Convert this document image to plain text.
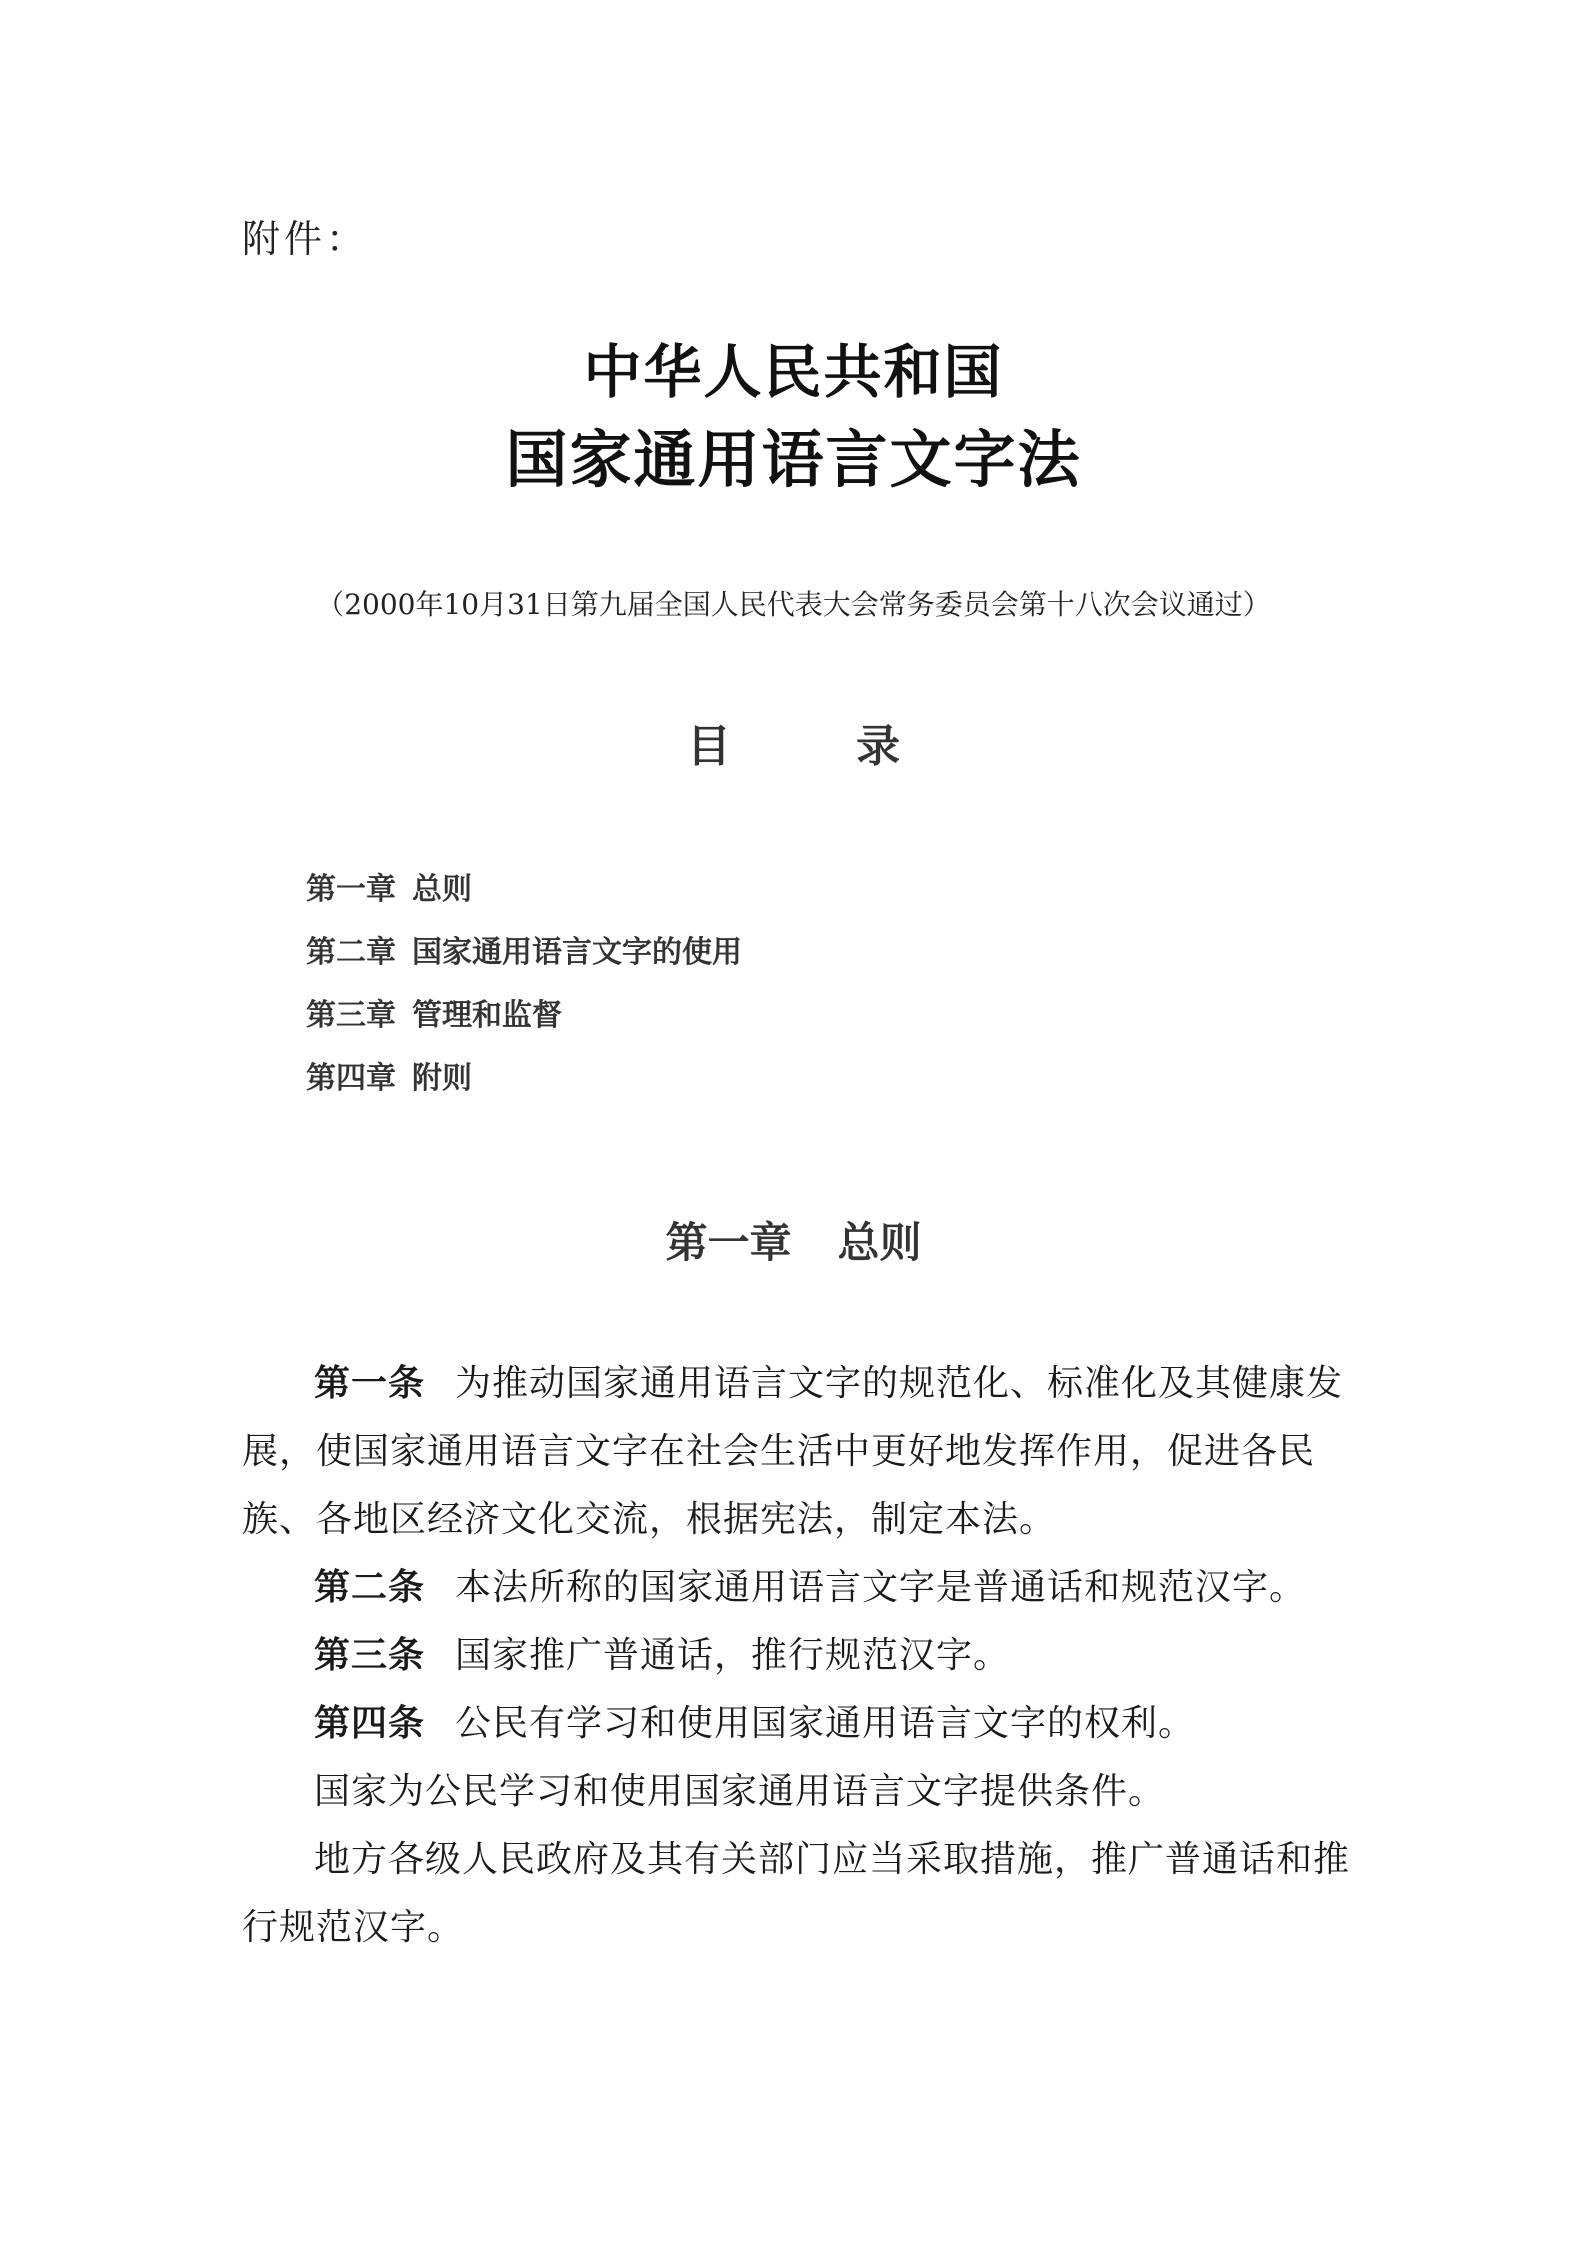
附件：
中华人民共和国
国家通用语言文字法
（2000年10月31日第九届全国人民代表大会常务委员会第十八次会议通过）
目 录
第一章 总则
第二章 国家通用语言文字的使用
第三章 管理和监督
第四章 附则
第一章 总则

第一条 为推动国家通用语言文字的规范化、标准化及其健康发展，使国家通用语言文字在社会生活中更好地发挥作用，促进各民族、各地区经济文化交流，根据宪法，制定本法。

第二条 本法所称的国家通用语言文字是普通话和规范汉字。

第三条 国家推广普通话，推行规范汉字。

第四条 公民有学习和使用国家通用语言文字的权利。

国家为公民学习和使用国家通用语言文字提供条件。

地方各级人民政府及其有关部门应当采取措施，推广普通话和推行规范汉字。
